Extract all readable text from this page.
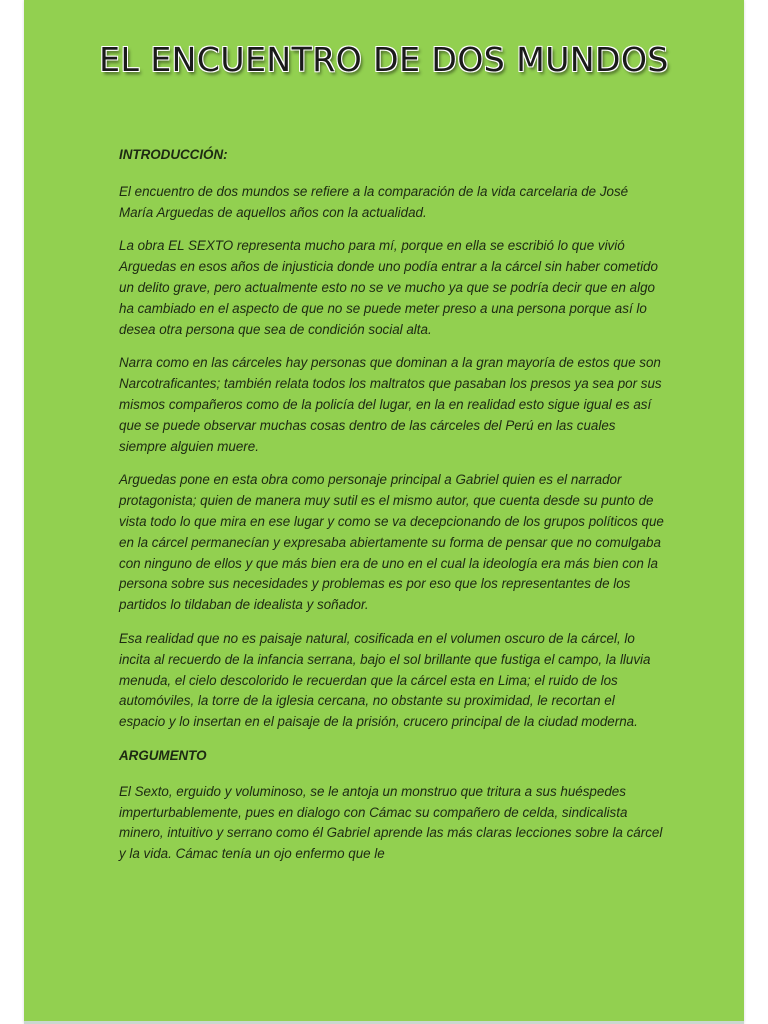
EL ENCUENTRO DE DOS MUNDOS

INTRODUCCIÓN:

El encuentro de dos mundos se refiere a la comparación de la vida carcelaria de José María Arguedas de aquellos años con la actualidad.

La obra EL SEXTO representa mucho para mí, porque en ella se escribió lo que vivió Arguedas en esos años de injusticia donde uno podía entrar a la cárcel sin haber cometido un delito grave, pero actualmente esto no se ve mucho ya que se podría decir que en algo ha cambiado en el aspecto de que no se puede meter preso a una persona porque así lo desea otra persona que sea de condición social alta.

Narra como en las cárceles hay personas que dominan a la gran mayoría de estos que son Narcotraficantes; también relata todos los maltratos que pasaban los presos ya sea por sus mismos compañeros como de la policía del lugar, en la en realidad esto sigue igual es así que se puede observar muchas cosas dentro de las cárceles del Perú en las cuales siempre alguien muere.

Arguedas pone en esta obra como personaje principal a Gabriel quien es el narrador protagonista; quien de manera muy sutil es el mismo autor, que cuenta desde su punto de vista todo lo que mira en ese lugar y como se va decepcionando de los grupos políticos que en la cárcel permanecían y expresaba abiertamente su forma de pensar que no comulgaba con ninguno de ellos y que más bien era de uno en el cual la ideología era más bien con la persona sobre sus necesidades y problemas es por eso que los representantes de los partidos lo tildaban de idealista y soñador.

Esa realidad que no es paisaje natural, cosificada en el volumen oscuro de la cárcel, lo incita al recuerdo de la infancia serrana, bajo el sol brillante que fustiga el campo, la lluvia menuda, el cielo descolorido le recuerdan que la cárcel esta en Lima; el ruido de los automóviles, la torre de la iglesia cercana, no obstante su proximidad, le recortan el espacio y lo insertan en el paisaje de la prisión, crucero principal de la ciudad moderna.

ARGUMENTO

El Sexto, erguido y voluminoso, se le antoja un monstruo que tritura a sus huéspedes imperturbablemente, pues en dialogo con Cámac su compañero de celda, sindicalista minero, intuitivo y serrano como él Gabriel aprende las más claras lecciones sobre la cárcel y la vida. Cámac tenía un ojo enfermo que le
